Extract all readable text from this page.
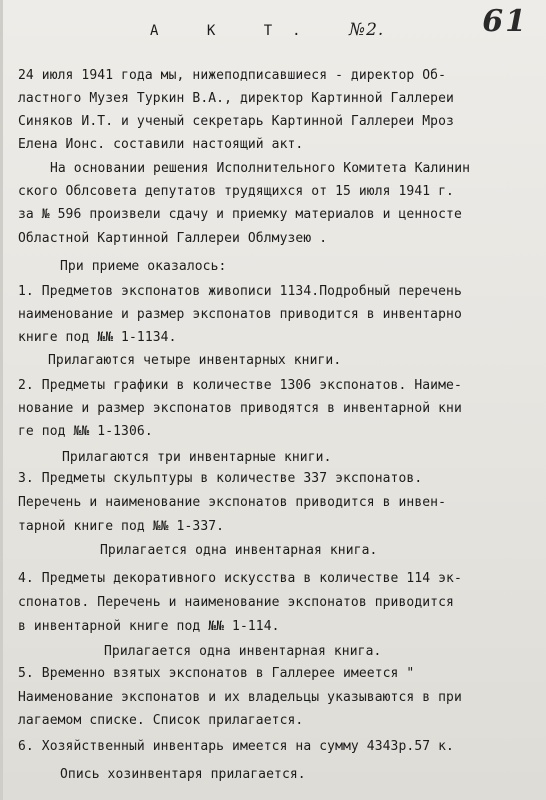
61
А К Т. №2.
24 июля 1941 года мы, нижеподписавшиеся - директор Об-
ластного Музея Туркин В.А., директор Картинной Галлереи
Синяков И.Т. и ученый секретарь Картинной Галлереи Мроз
Елена Ионс. составили настоящий акт.
На основании решения Исполнительного Комитета Калинин
ского Облсовета депутатов трудящихся от 15 июля 1941 г.
за № 596 произвели сдачу и приемку материалов и ценносте
Областной Картинной Галлереи Облмузею .
При приеме оказалось:
1. Предметов экспонатов живописи 1134.Подробный перечень
наименование и размер экспонатов приводится в инвентарно
книге под №№ 1-1134.
Прилагаются четыре инвентарных книги.
2. Предметы графики в количестве 1306 экспонатов. Наиме-
нование и размер экспонатов приводятся в инвентарной кни
ге под №№ 1-1306.
Прилагаются три инвентарные книги.
3. Предметы скульптуры в количестве 337 экспонатов.
Перечень и наименование экспонатов приводится в инвен-
тарной книге под №№ 1-337.
Прилагается одна инвентарная книга.
4. Предметы декоративного искусства в количестве 114 эк-
спонатов. Перечень и наименование экспонатов приводится
в инвентарной книге под №№ 1-114.
Прилагается одна инвентарная книга.
5. Временно взятых экспонатов в Галлерее имеется "
Наименование экспонатов и их владельцы указываются в при
лагаемом списке. Список прилагается.
6. Хозяйственный инвентарь имеется на сумму 4343р.57 к.
Опись хозинвентаря прилагается.
